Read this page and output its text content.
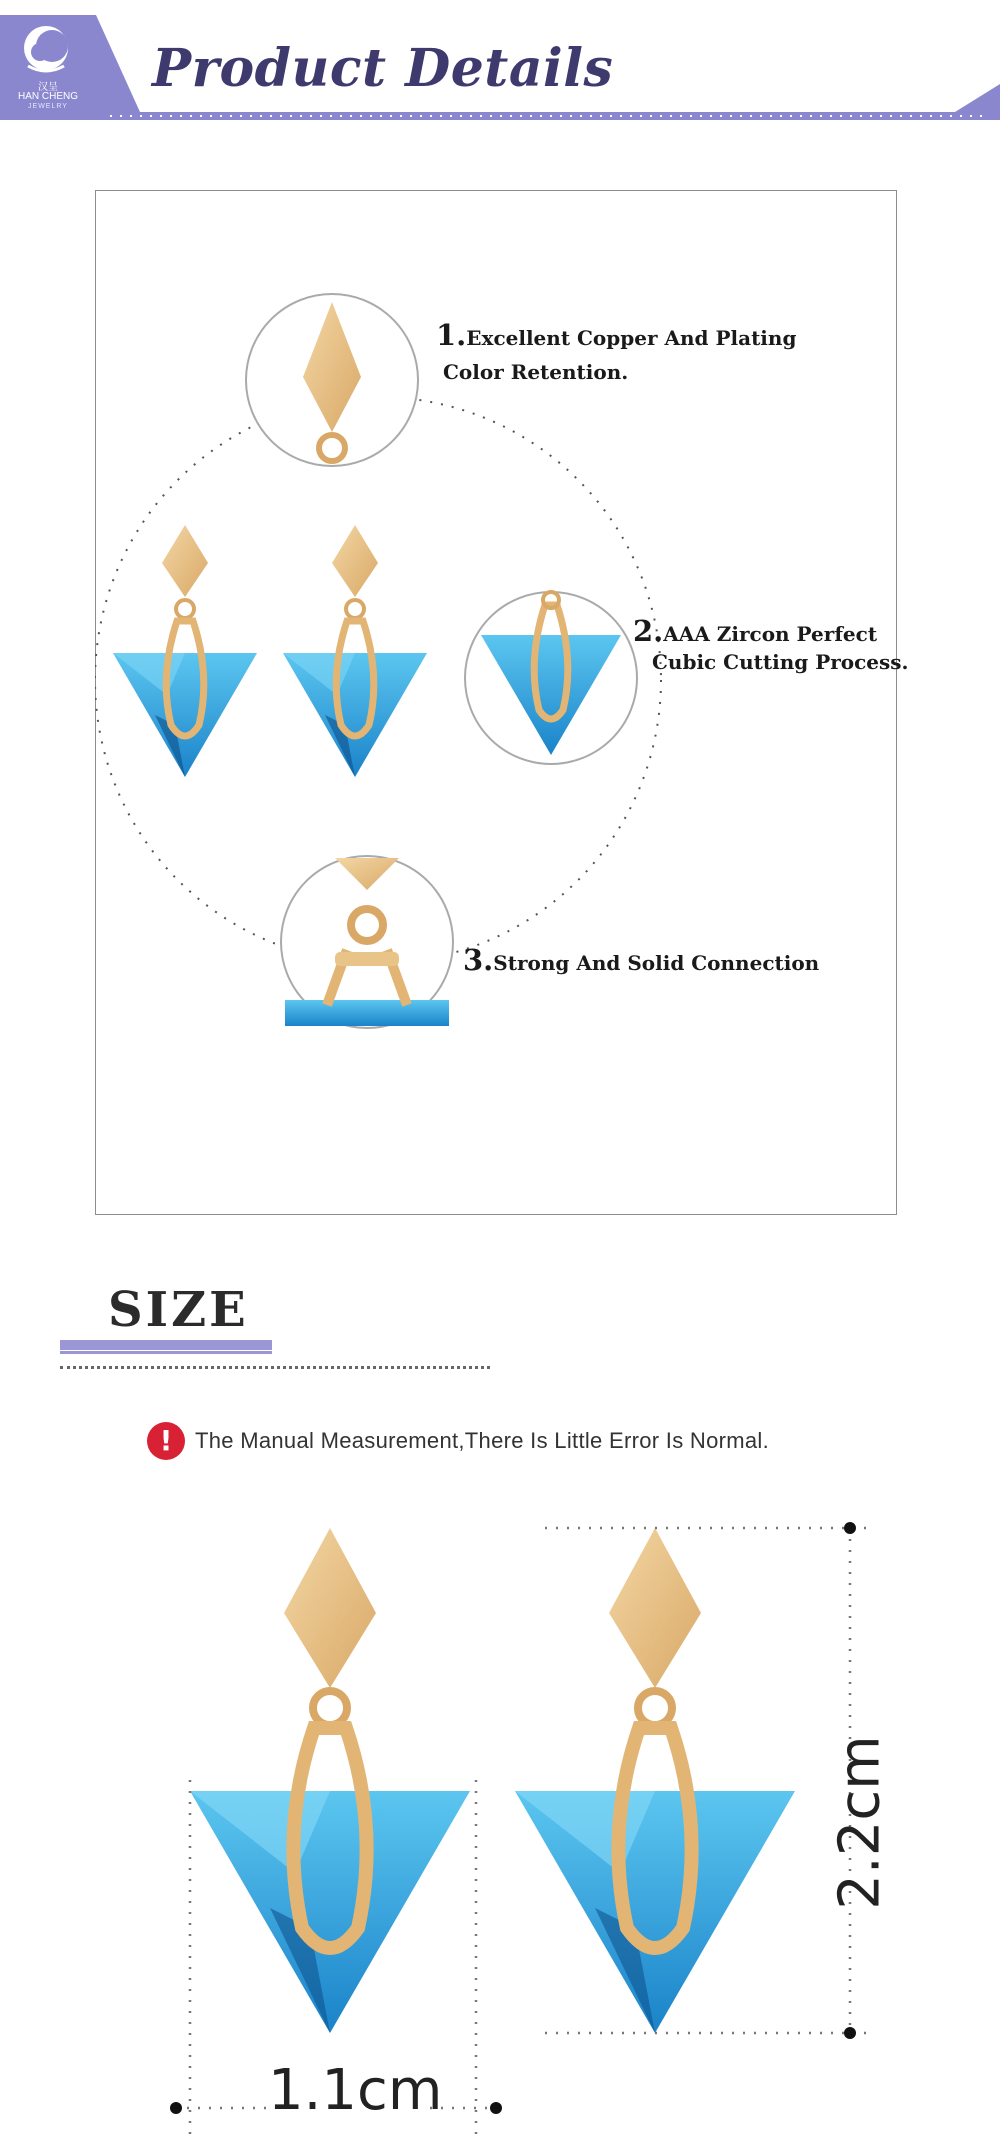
Product Details
汉呈
HAN CHENG
JEWELRY
1.Excellent Copper And Plating
Color Retention.
2.AAA Zircon Perfect
Cubic Cutting Process.
3.Strong And Solid Connection
SIZE
!	The Manual Measurement,There Is Little Error Is Normal.
1.1cm
2.2cm
